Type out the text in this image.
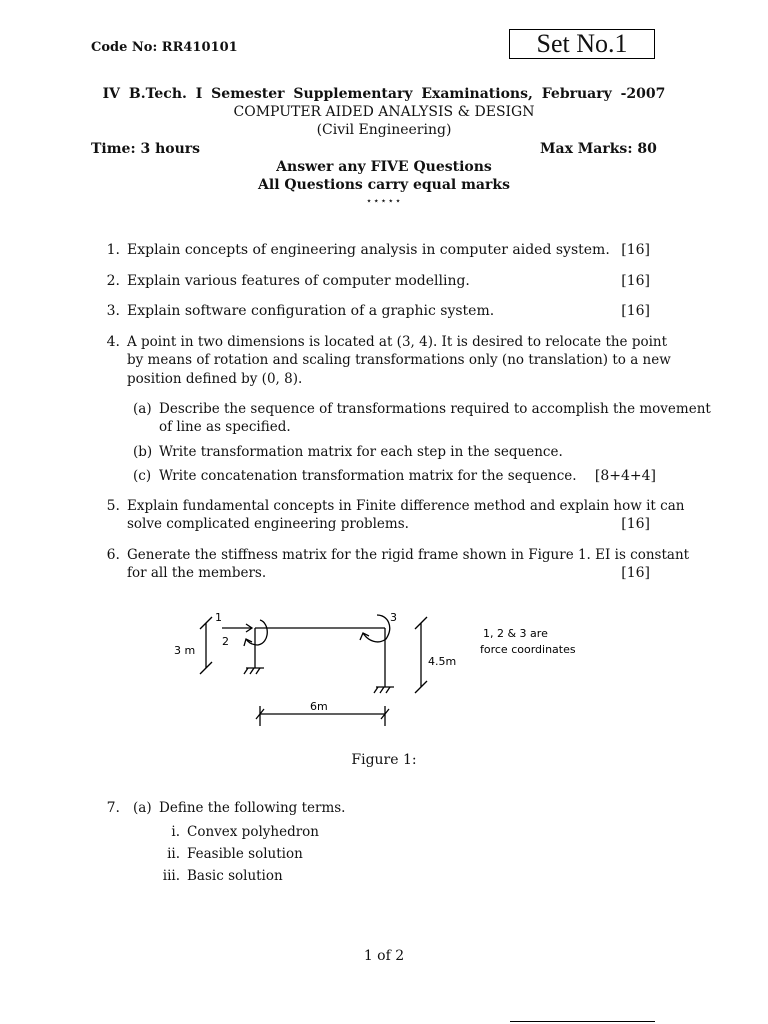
Code No: RR410101	Set No.1
IV B.Tech. I Semester Supplementary Examinations, February -2007
COMPUTER AIDED ANALYSIS & DESIGN
(Civil Engineering)
Time: 3 hours	Max Marks: 80
Answer any FIVE Questions
All Questions carry equal marks
⋆⋆⋆⋆⋆
1. Explain concepts of engineering analysis in computer aided system. [16]
2. Explain various features of computer modelling.	[16]
3. Explain software configuration of a graphic system.	[16]
4. A point in two dimensions is located at (3, 4). It is desired to relocate the point
by means of rotation and scaling transformations only (no translation) to a new
position defined by (0, 8).
(a) Describe the sequence of transformations required to accomplish the movement
of line as specified.
(b) Write transformation matrix for each step in the sequence.
(c) Write concatenation transformation matrix for the sequence.	[8+4+4]
5. Explain fundamental concepts in Finite difference method and explain how it can
solve complicated engineering problems.	[16]
6. Generate the stiffness matrix for the rigid frame shown in Figure 1. EI is constant
for all the members.	[16]
1
2
3
3 m
4.5m
6m
1, 2 & 3 are
force coordinates
Figure 1:
7. (a) Define the following terms.
i. Convex polyhedron
ii. Feasible solution
iii. Basic solution
1 of 2
